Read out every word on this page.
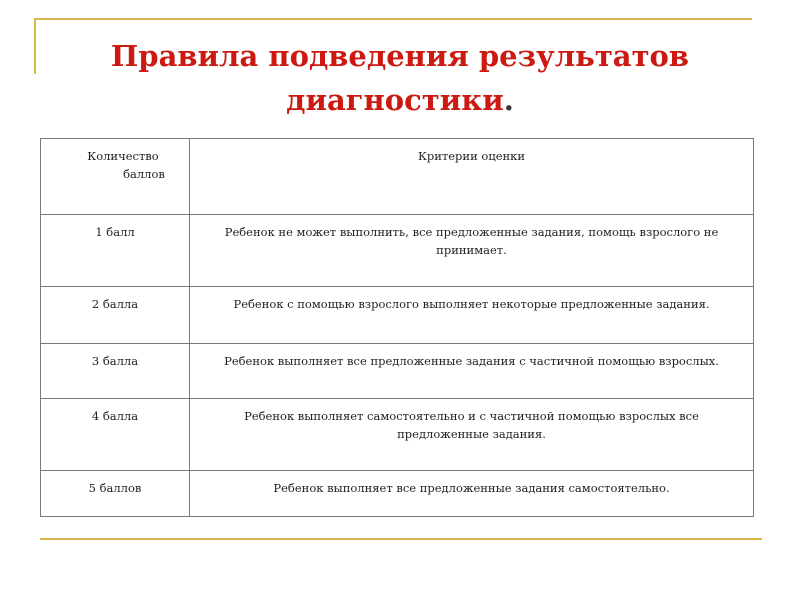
Правила подведения результатов
диагностики.
Количество
баллов	Критерии оценки
1 балл	Ребенок не может выполнить, все предложенные задания, помощь взрослого не принимает.
2 балла	Ребенок с помощью взрослого выполняет некоторые предложенные задания.
3 балла	Ребенок выполняет все предложенные задания с частичной помощью взрослых.
4 балла	Ребенок выполняет самостоятельно и с частичной помощью взрослых все предложенные задания.
5 баллов	Ребенок выполняет все предложенные задания самостоятельно.
